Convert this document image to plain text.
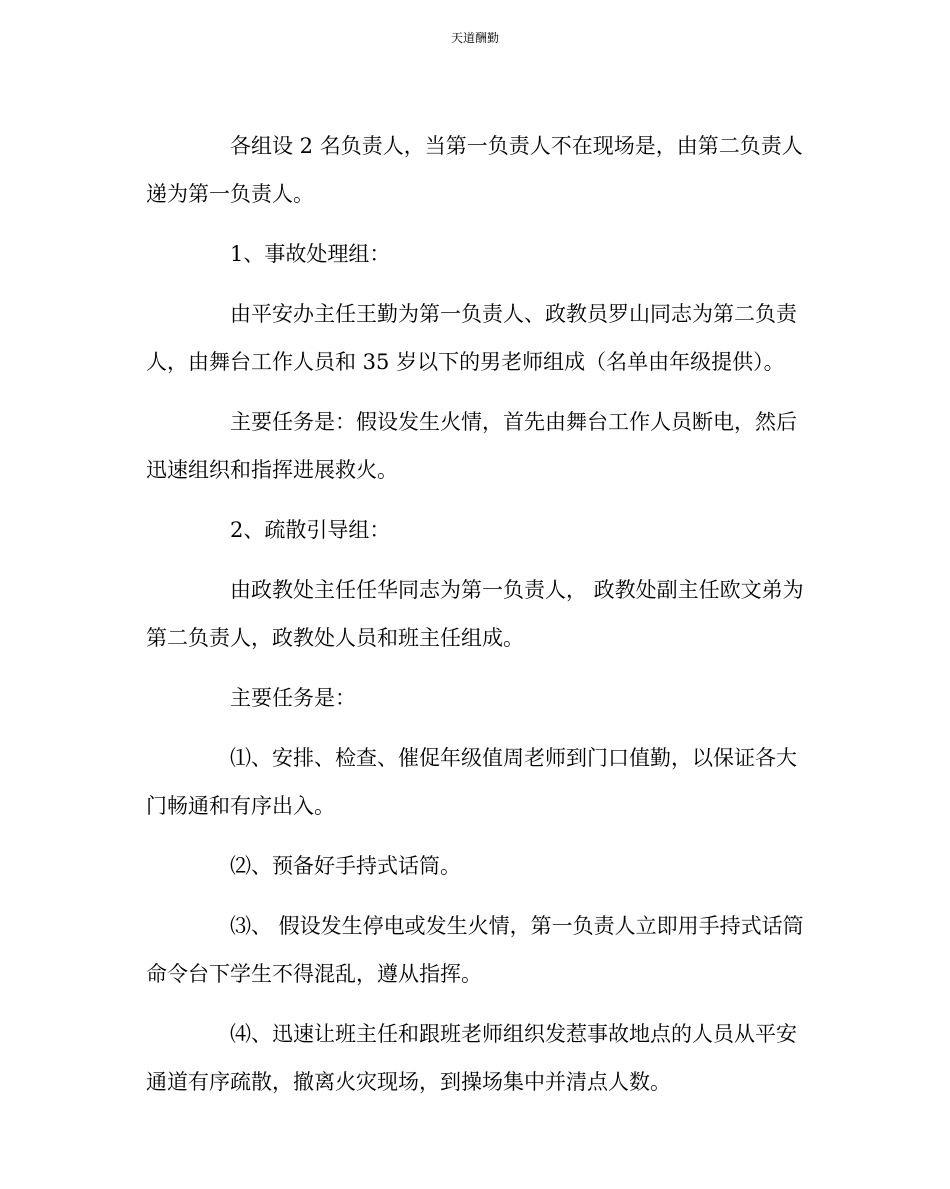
天道酬勤

各组设 2 名负责人，当第一负责人不在现场是，由第二负责人递为第一负责人。

1、事故处理组：

由平安办主任王勤为第一负责人、政教员罗山同志为第二负责人，由舞台工作人员和 35 岁以下的男老师组成（名单由年级提供）。

主要任务是：假设发生火情，首先由舞台工作人员断电，然后迅速组织和指挥进展救火。

2、疏散引导组：

由政教处主任任华同志为第一负责人， 政教处副主任欧文弟为第二负责人，政教处人员和班主任组成。

主要任务是：

⑴、安排、检查、催促年级值周老师到门口值勤，以保证各大门畅通和有序出入。

⑵、预备好手持式话筒。

⑶、 假设发生停电或发生火情，第一负责人立即用手持式话筒命令台下学生不得混乱，遵从指挥。

⑷、迅速让班主任和跟班老师组织发惹事故地点的人员从平安通道有序疏散，撤离火灾现场，到操场集中并清点人数。
